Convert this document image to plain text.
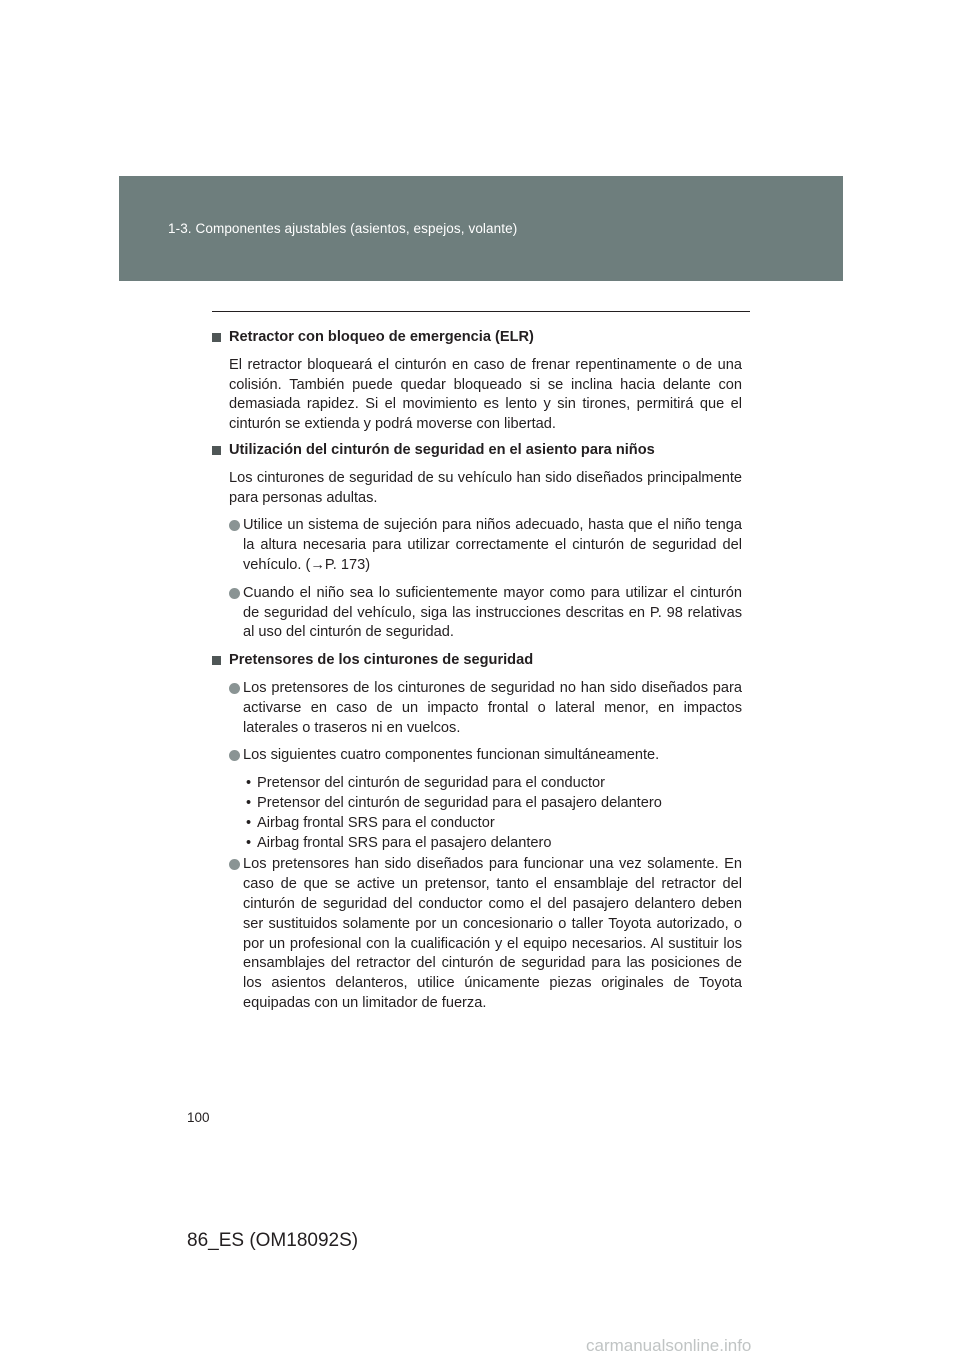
1-3. Componentes ajustables (asientos, espejos, volante)
Retractor con bloqueo de emergencia (ELR)

El retractor bloqueará el cinturón en caso de frenar repentinamente o de una colisión. También puede quedar bloqueado si se inclina hacia delante con demasiada rapidez. Si el movimiento es lento y sin tirones, permitirá que el cinturón se extienda y podrá moverse con libertad.

Utilización del cinturón de seguridad en el asiento para niños

Los cinturones de seguridad de su vehículo han sido diseñados principalmente para personas adultas.

Utilice un sistema de sujeción para niños adecuado, hasta que el niño tenga la altura necesaria para utilizar correctamente el cinturón de seguridad del vehículo. (→P. 173)
Cuando el niño sea lo suficientemente mayor como para utilizar el cinturón de seguridad del vehículo, siga las instrucciones descritas en P. 98 relativas al uso del cinturón de seguridad.
Pretensores de los cinturones de seguridad
Los pretensores de los cinturones de seguridad no han sido diseñados para activarse en caso de un impacto frontal o lateral menor, en impactos laterales o traseros ni en vuelcos.
Los siguientes cuatro componentes funcionan simultáneamente.
• Pretensor del cinturón de seguridad para el conductor
• Pretensor del cinturón de seguridad para el pasajero delantero
• Airbag frontal SRS para el conductor
• Airbag frontal SRS para el pasajero delantero
Los pretensores han sido diseñados para funcionar una vez solamente. En caso de que se active un pretensor, tanto el ensamblaje del retractor del cinturón de seguridad del conductor como el del pasajero delantero deben ser sustituidos solamente por un concesionario o taller Toyota autorizado, o por un profesional con la cualificación y el equipo necesarios. Al sustituir los ensamblajes del retractor del cinturón de seguridad para las posiciones de los asientos delanteros, utilice únicamente piezas originales de Toyota equipadas con un limitador de fuerza.
100
86_ES (OM18092S)
carmanualsonline.info
